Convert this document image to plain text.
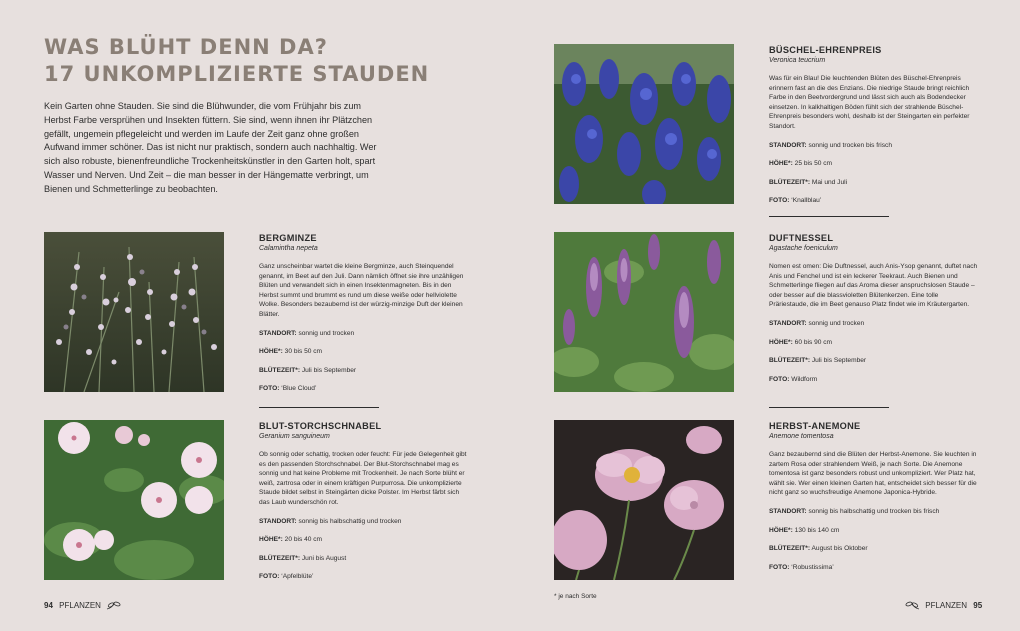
WAS BLÜHT DENN DA?
17 UNKOMPLIZIERTE STAUDEN
Kein Garten ohne Stauden. Sie sind die Blühwunder, die vom Frühjahr bis zum Herbst Farbe versprühen und Insekten füttern. Sie sind, wenn ihnen ihr Plätzchen gefällt, ungemein pflegeleicht und werden im Laufe der Zeit ganz ohne großen Aufwand immer schöner. Das ist nicht nur praktisch, sondern auch nachhaltig. Wer sich also robuste, bienenfreundliche Trockenheitskünstler in den Garten holt, spart Wasser und Nerven. Und Zeit – die man besser in der Hängematte verbringt, um Bienen und Schmetterlinge zu beobachten.
BERGMINZE
Calamintha nepeta
Ganz unscheinbar wartet die kleine Bergminze, auch Steinquendel genannt, im Beet auf den Juli. Dann nämlich öffnet sie ihre unzähligen Blüten und verwandelt sich in einen Insektenmagneten. Bis in den Herbst summt und brummt es rund um diese weiße oder hellviolette Wolke. Besonders bezaubernd ist der würzig-minzige Duft der kleinen Blätter.
STANDORT: sonnig und trocken
HÖHE*: 30 bis 50 cm
BLÜTEZEIT*: Juli bis September
FOTO: ‘Blue Cloud’
BLUT-STORCHSCHNABEL
Geranium sanguineum
Ob sonnig oder schattig, trocken oder feucht: Für jede Gelegenheit gibt es den passenden Storchschnabel. Der Blut-Storchschnabel mag es sonnig und hat keine Probleme mit Trockenheit. Je nach Sorte blüht er weiß, zartrosa oder in einem kräftigen Purpurrosa. Die unkomplizierte Staude bildet selbst in Steingärten dicke Polster. Im Herbst färbt sich das Laub wunderschön rot.
STANDORT: sonnig bis halbschattig und trocken
HÖHE*: 20 bis 40 cm
BLÜTEZEIT*: Juni bis August
FOTO: ‘Apfelblüte’
BÜSCHEL-EHRENPREIS
Veronica teucrium
Was für ein Blau! Die leuchtenden Blüten des Büschel-Ehrenpreis erinnern fast an die des Enzians. Die niedrige Staude bringt reichlich Farbe in den Beetvordergrund und lässt sich auch als Bodendecker einsetzen. In kalkhaltigen Böden fühlt sich der strahlende Büschel-Ehrenpreis besonders wohl, deshalb ist der Steingarten ein perfekter Standort.
STANDORT: sonnig und trocken bis frisch
HÖHE*: 25 bis 50 cm
BLÜTEZEIT*: Mai und Juli
FOTO: ‘Knallblau’
DUFTNESSEL
Agastache foeniculum
Nomen est omen: Die Duftnessel, auch Anis-Ysop genannt, duftet nach Anis und Fenchel und ist ein leckerer Teekraut. Auch Bienen und Schmetterlinge fliegen auf das Aroma dieser anspruchslosen Staude – oder besser auf die blassvioletten Blütenkerzen. Eine tolle Präriestaude, die im Beet genauso Platz findet wie im Kräutergarten.
STANDORT: sonnig und trocken
HÖHE*: 60 bis 90 cm
BLÜTEZEIT*: Juli bis September
FOTO: Wildform
HERBST-ANEMONE
Anemone tomentosa
Ganz bezaubernd sind die Blüten der Herbst-Anemone. Sie leuchten in zartem Rosa oder strahlendem Weiß, je nach Sorte. Die Anemone tomentosa ist ganz besonders robust und unkompliziert. Wer Platz hat, wählt sie. Wer einen kleinen Garten hat, entscheidet sich besser für die nicht ganz so wuchsfreudige Anemone Japonica-Hybride.
STANDORT: sonnig bis halbschattig und trocken bis frisch
HÖHE*: 130 bis 140 cm
BLÜTEZEIT*: August bis Oktober
FOTO: ‘Robustissima’
94 PFLANZEN
* je nach Sorte
PFLANZEN 95
